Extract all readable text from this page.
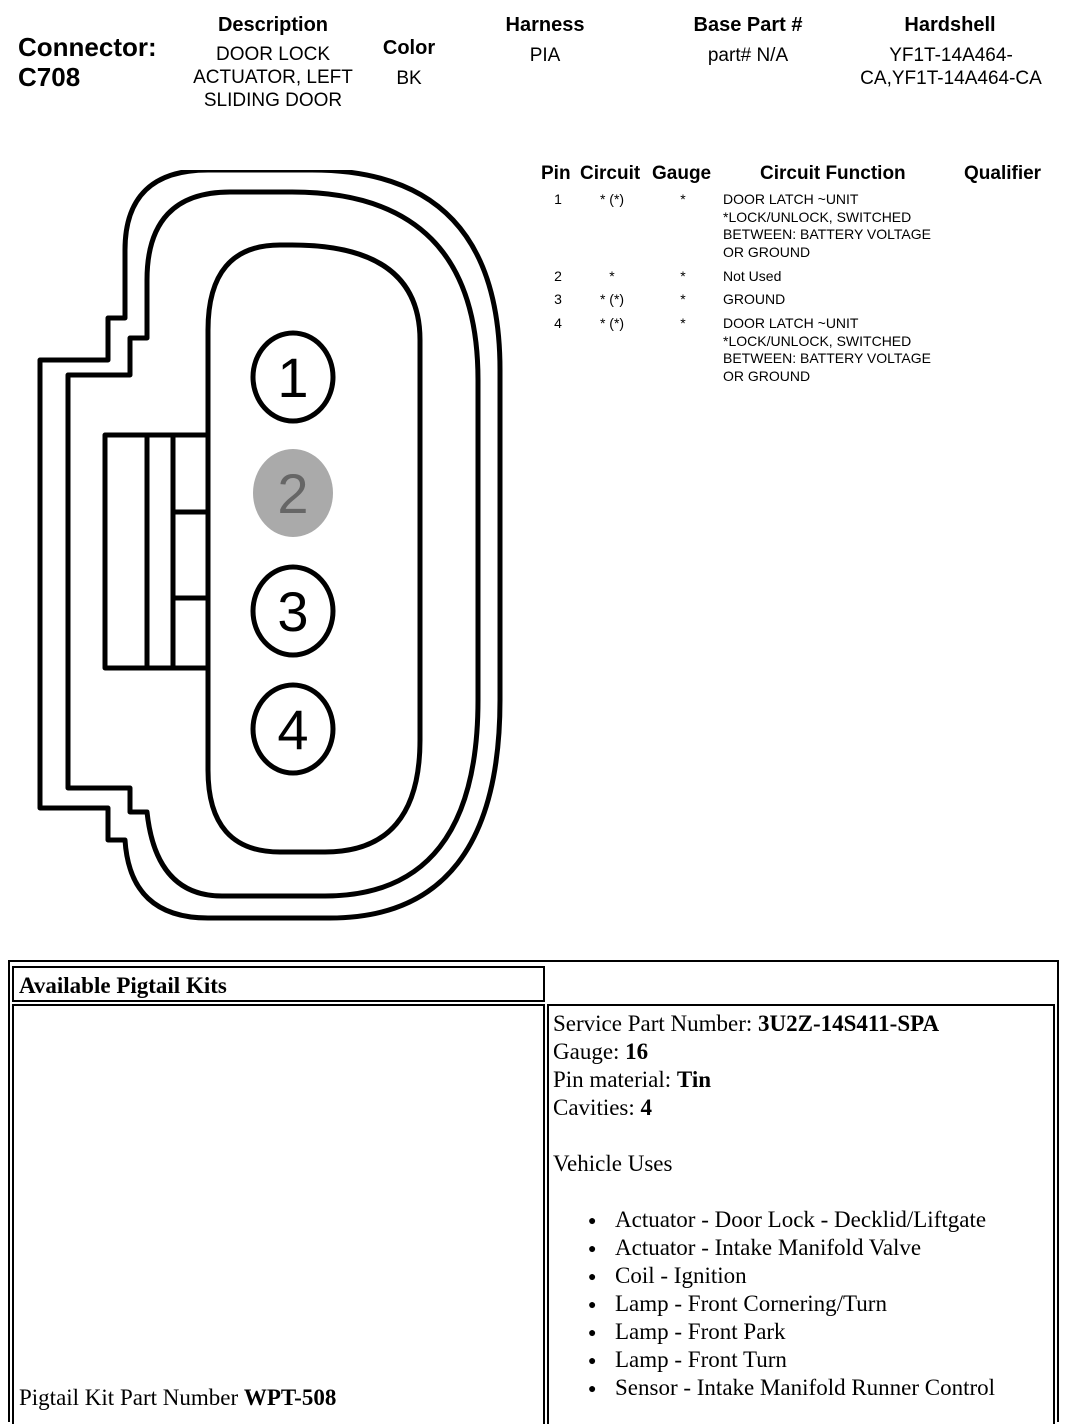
Connector:
C708
Description
DOOR LOCK ACTUATOR, LEFT SLIDING DOOR
Color
BK
Harness
PIA
Base Part #
part# N/A
Hardshell
YF1T-14A464-CA,YF1T-14A464-CA
Pin Circuit Gauge	Circuit Function	Qualifier
1	* (*)	*	DOOR LATCH ~UNIT *LOCK/UNLOCK, SWITCHED BETWEEN: BATTERY VOLTAGE OR GROUND
2	*	*	Not Used
3	* (*)	*	GROUND
4	* (*)	*	DOOR LATCH ~UNIT *LOCK/UNLOCK, SWITCHED BETWEEN: BATTERY VOLTAGE OR GROUND
1
2
3
4
Available Pigtail Kits
Pigtail Kit Part Number WPT-508
Service Part Number: 3U2Z-14S411-SPA
Gauge: 16
Pin material: Tin
Cavities: 4
Vehicle Uses
● Actuator - Door Lock - Decklid/Liftgate
● Actuator - Intake Manifold Valve
● Coil - Ignition
● Lamp - Front Cornering/Turn
● Lamp - Front Park
● Lamp - Front Turn
● Sensor - Intake Manifold Runner Control
